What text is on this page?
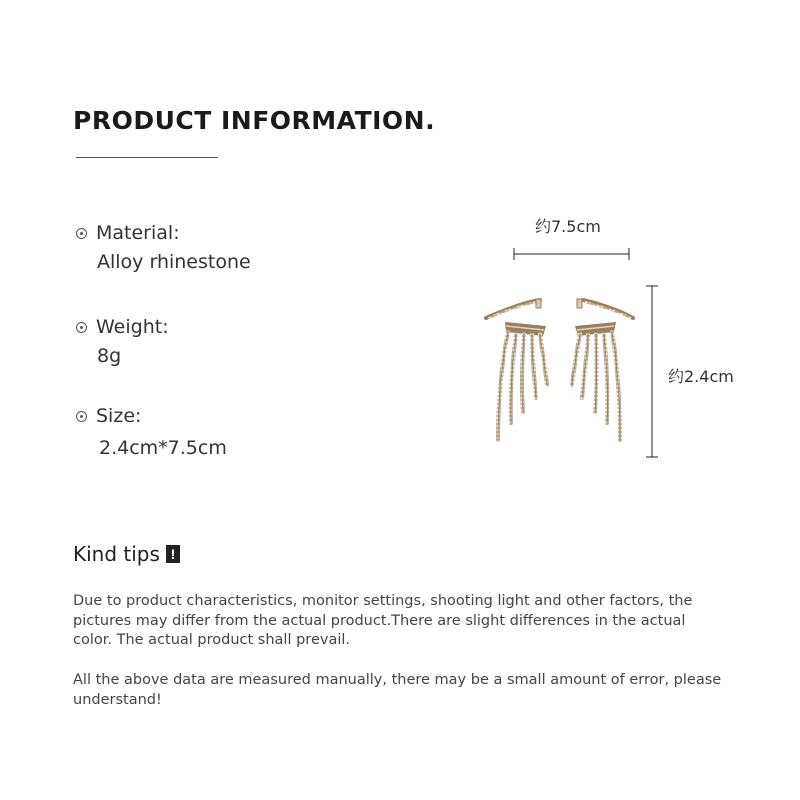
PRODUCT INFORMATION.
Material:
Alloy rhinestone
Weight:
8g
Size:
2.4cm*7.5cm
约7.5cm
约2.4cm
Kind tips !
Due to product characteristics, monitor settings, shooting light and other factors, the pictures may differ from the actual product.There are slight differences in the actual color. The actual product shall prevail.
All the above data are measured manually, there may be a small amount of error, please understand!
